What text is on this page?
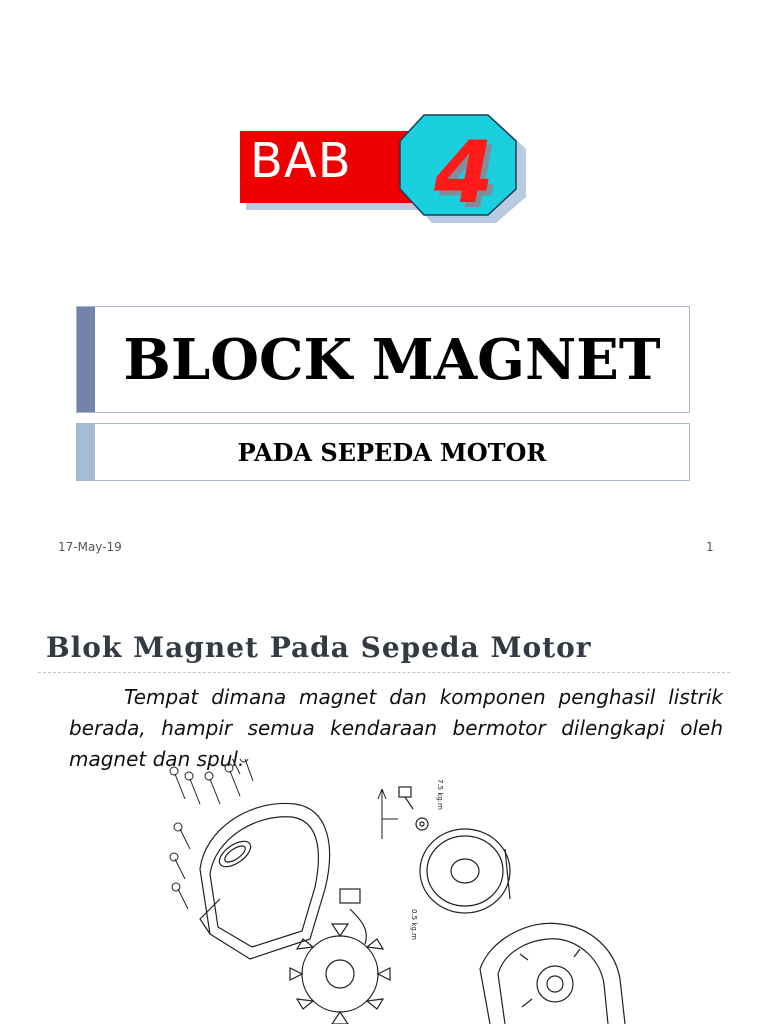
BAB 4
BLOCK MAGNET
PADA SEPEDA MOTOR
17-May-19	1
Blok Magnet Pada Sepeda Motor
Tempat dimana magnet dan komponen penghasil listrik berada, hampir semua kendaraan bermotor dilengkapi oleh magnet dan spul.
7.5 kg.m
0.5 kg.m
